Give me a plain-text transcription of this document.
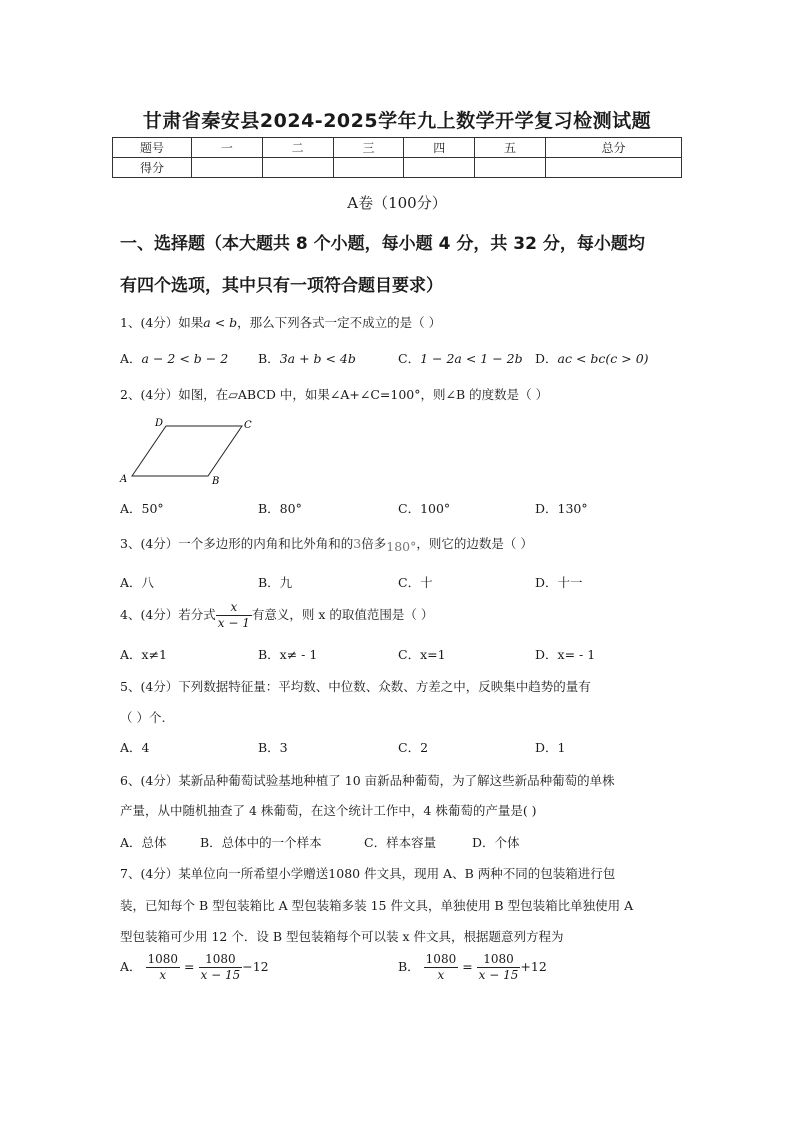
甘肃省秦安县2024-2025学年九上数学开学复习检测试题
题号	一	二	三	四	五	总分
得分						
A卷（100分）
一、选择题（本大题共 8 个小题，每小题 4 分，共 32 分，每小题均
有四个选项，其中只有一项符合题目要求）
1、(4分）如果a < b，那么下列各式一定不成立的是（ ）
A．a − 2 < b − 2 B．3a + b < 4b	C．1 − 2a < 1 − 2b D．ac < bc(c > 0)
2、(4分）如图，在▱ABCD 中，如果∠A+∠C=100°，则∠B 的度数是（ ）
D	C
A	B
A．50°	B．80°	C．100°	D．130°
3、(4分）一个多边形的内角和比外角和的3倍多180°，则它的边数是（ ）
A．八	B．九	C．十	D．十一
4、(4分）若分式 $\frac{x}{x - 1}$ 有意义，则 x 的取值范围是（ ）
A．x≠1	B．x≠ - 1	C．x=1	D．x= - 1
5、(4分）下列数据特征量：平均数、中位数、众数、方差之中，反映集中趋势的量有
（ ）个.
A．4	B．3	C．2	D．1
6、(4分）某新品种葡萄试验基地种植了 10 亩新品种葡萄，为了解这些新品种葡萄的单株
产量，从中随机抽查了 4 株葡萄，在这个统计工作中，4 株葡萄的产量是( )
A．总体	B．总体中的一个样本	C．样本容量	D．个体
7、(4分）某单位向一所希望小学赠送1080 件文具，现用 A、B 两种不同的包装箱进行包
装，已知每个 B 型包装箱比 A 型包装箱多装 15 件文具，单独使用 B 型包装箱比单独使用 A
型包装箱可少用 12 个．设 B 型包装箱每个可以装 x 件文具，根据题意列方程为
A． $\frac{1080}{x} = \frac{1080}{x - 15} -12$	B． $\frac{1080}{x} = \frac{1080}{x - 15} +12$
